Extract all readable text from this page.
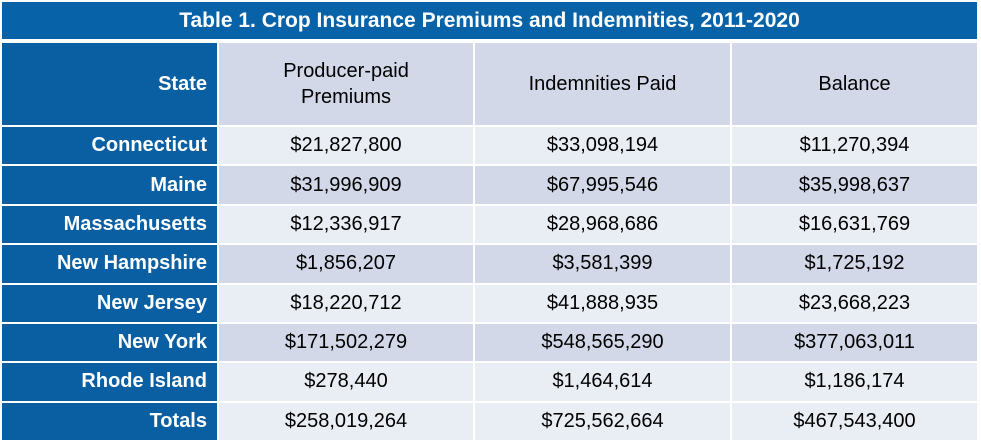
Table 1. Crop Insurance Premiums and Indemnities, 2011-2020
State	Producer-paid Premiums	Indemnities Paid	Balance
Connecticut	$21,827,800	$33,098,194	$11,270,394
Maine	$31,996,909	$67,995,546	$35,998,637
Massachusetts	$12,336,917	$28,968,686	$16,631,769
New Hampshire	$1,856,207	$3,581,399	$1,725,192
New Jersey	$18,220,712	$41,888,935	$23,668,223
New York	$171,502,279	$548,565,290	$377,063,011
Rhode Island	$278,440	$1,464,614	$1,186,174
Totals	$258,019,264	$725,562,664	$467,543,400
